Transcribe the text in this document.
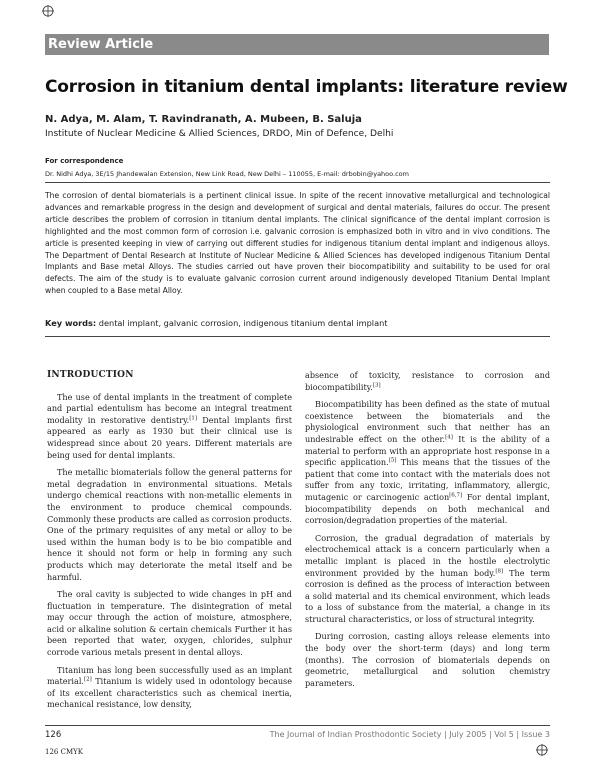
Review Article
Corrosion in titanium dental implants: literature review
N. Adya, M. Alam, T. Ravindranath, A. Mubeen, B. Saluja
Institute of Nuclear Medicine & Allied Sciences, DRDO, Min of Defence, Delhi
For correspondence
Dr. Nidhi Adya, 3E/15 Jhandewalan Extension, New Link Road, New Delhi – 110055, E-mail: drbobin@yahoo.com

The corrosion of dental biomaterials is a pertinent clinical issue. In spite of the recent innovative metallurgical and technological advances and remarkable progress in the design and development of surgical and dental materials, failures do occur. The present article describes the problem of corrosion in titanium dental implants. The clinical significance of the dental implant corrosion is highlighted and the most common form of corrosion i.e. galvanic corrosion is emphasized both in vitro and in vivo conditions. The article is presented keeping in view of carrying out different studies for indigenous titanium dental implant and indigenous alloys. The Department of Dental Research at Institute of Nuclear Medicine & Allied Sciences has developed indigenous Titanium Dental Implants and Base metal Alloys. The studies carried out have proven their biocompatibility and suitability to be used for oral defects. The aim of the study is to evaluate galvanic corrosion current around indigenously developed Titanium Dental Implant when coupled to a Base metal Alloy.

Key words: dental implant, galvanic corrosion, indigenous titanium dental implant
INTRODUCTION

The use of dental implants in the treatment of complete and partial edentulism has become an integral treatment modality in restorative dentistry.[1] Dental implants first appeared as early as 1930 but their clinical use is widespread since about 20 years. Different materials are being used for dental implants.

The metallic biomaterials follow the general patterns for metal degradation in environmental situations. Metals undergo chemical reactions with non-metallic elements in the environment to produce chemical compounds. Commonly these products are called as corrosion products. One of the primary requisites of any metal or alloy to be used within the human body is to be bio compatible and hence it should not form or help in forming any such products which may deteriorate the metal itself and be harmful.

The oral cavity is subjected to wide changes in pH and fluctuation in temperature. The disintegration of metal may occur through the action of moisture, atmosphere, acid or alkaline solution & certain chemicals Further it has been reported that water, oxygen, chlorides, sulphur corrode various metals present in dental alloys.

Titanium has long been successfully used as an implant material.[2] Titanium is widely used in odontology because of its excellent characteristics such as chemical inertia, mechanical resistance, low density,

absence of toxicity, resistance to corrosion and biocompatibility.[3]

Biocompatibility has been defined as the state of mutual coexistence between the biomaterials and the physiological environment such that neither has an undesirable effect on the other.[4] It is the ability of a material to perform with an appropriate host response in a specific application.[5] This means that the tissues of the patient that come into contact with the materials does not suffer from any toxic, irritating, inflammatory, allergic, mutagenic or carcinogenic action[6,7] For dental implant, biocompatibility depends on both mechanical and corrosion/degradation properties of the material.

Corrosion, the gradual degradation of materials by electrochemical attack is a concern particularly when a metallic implant is placed in the hostile electrolytic environment provided by the human body.[8] The term corrosion is defined as the process of interaction between a solid material and its chemical environment, which leads to a loss of substance from the material, a change in its structural characteristics, or loss of structural integrity.

During corrosion, casting alloys release elements into the body over the short-term (days) and long term (months). The corrosion of biomaterials depends on geometric, metallurgical and solution chemistry parameters.

126	The Journal of Indian Prosthodontic Society | July 2005 | Vol 5 | Issue 3
126 CMYK
